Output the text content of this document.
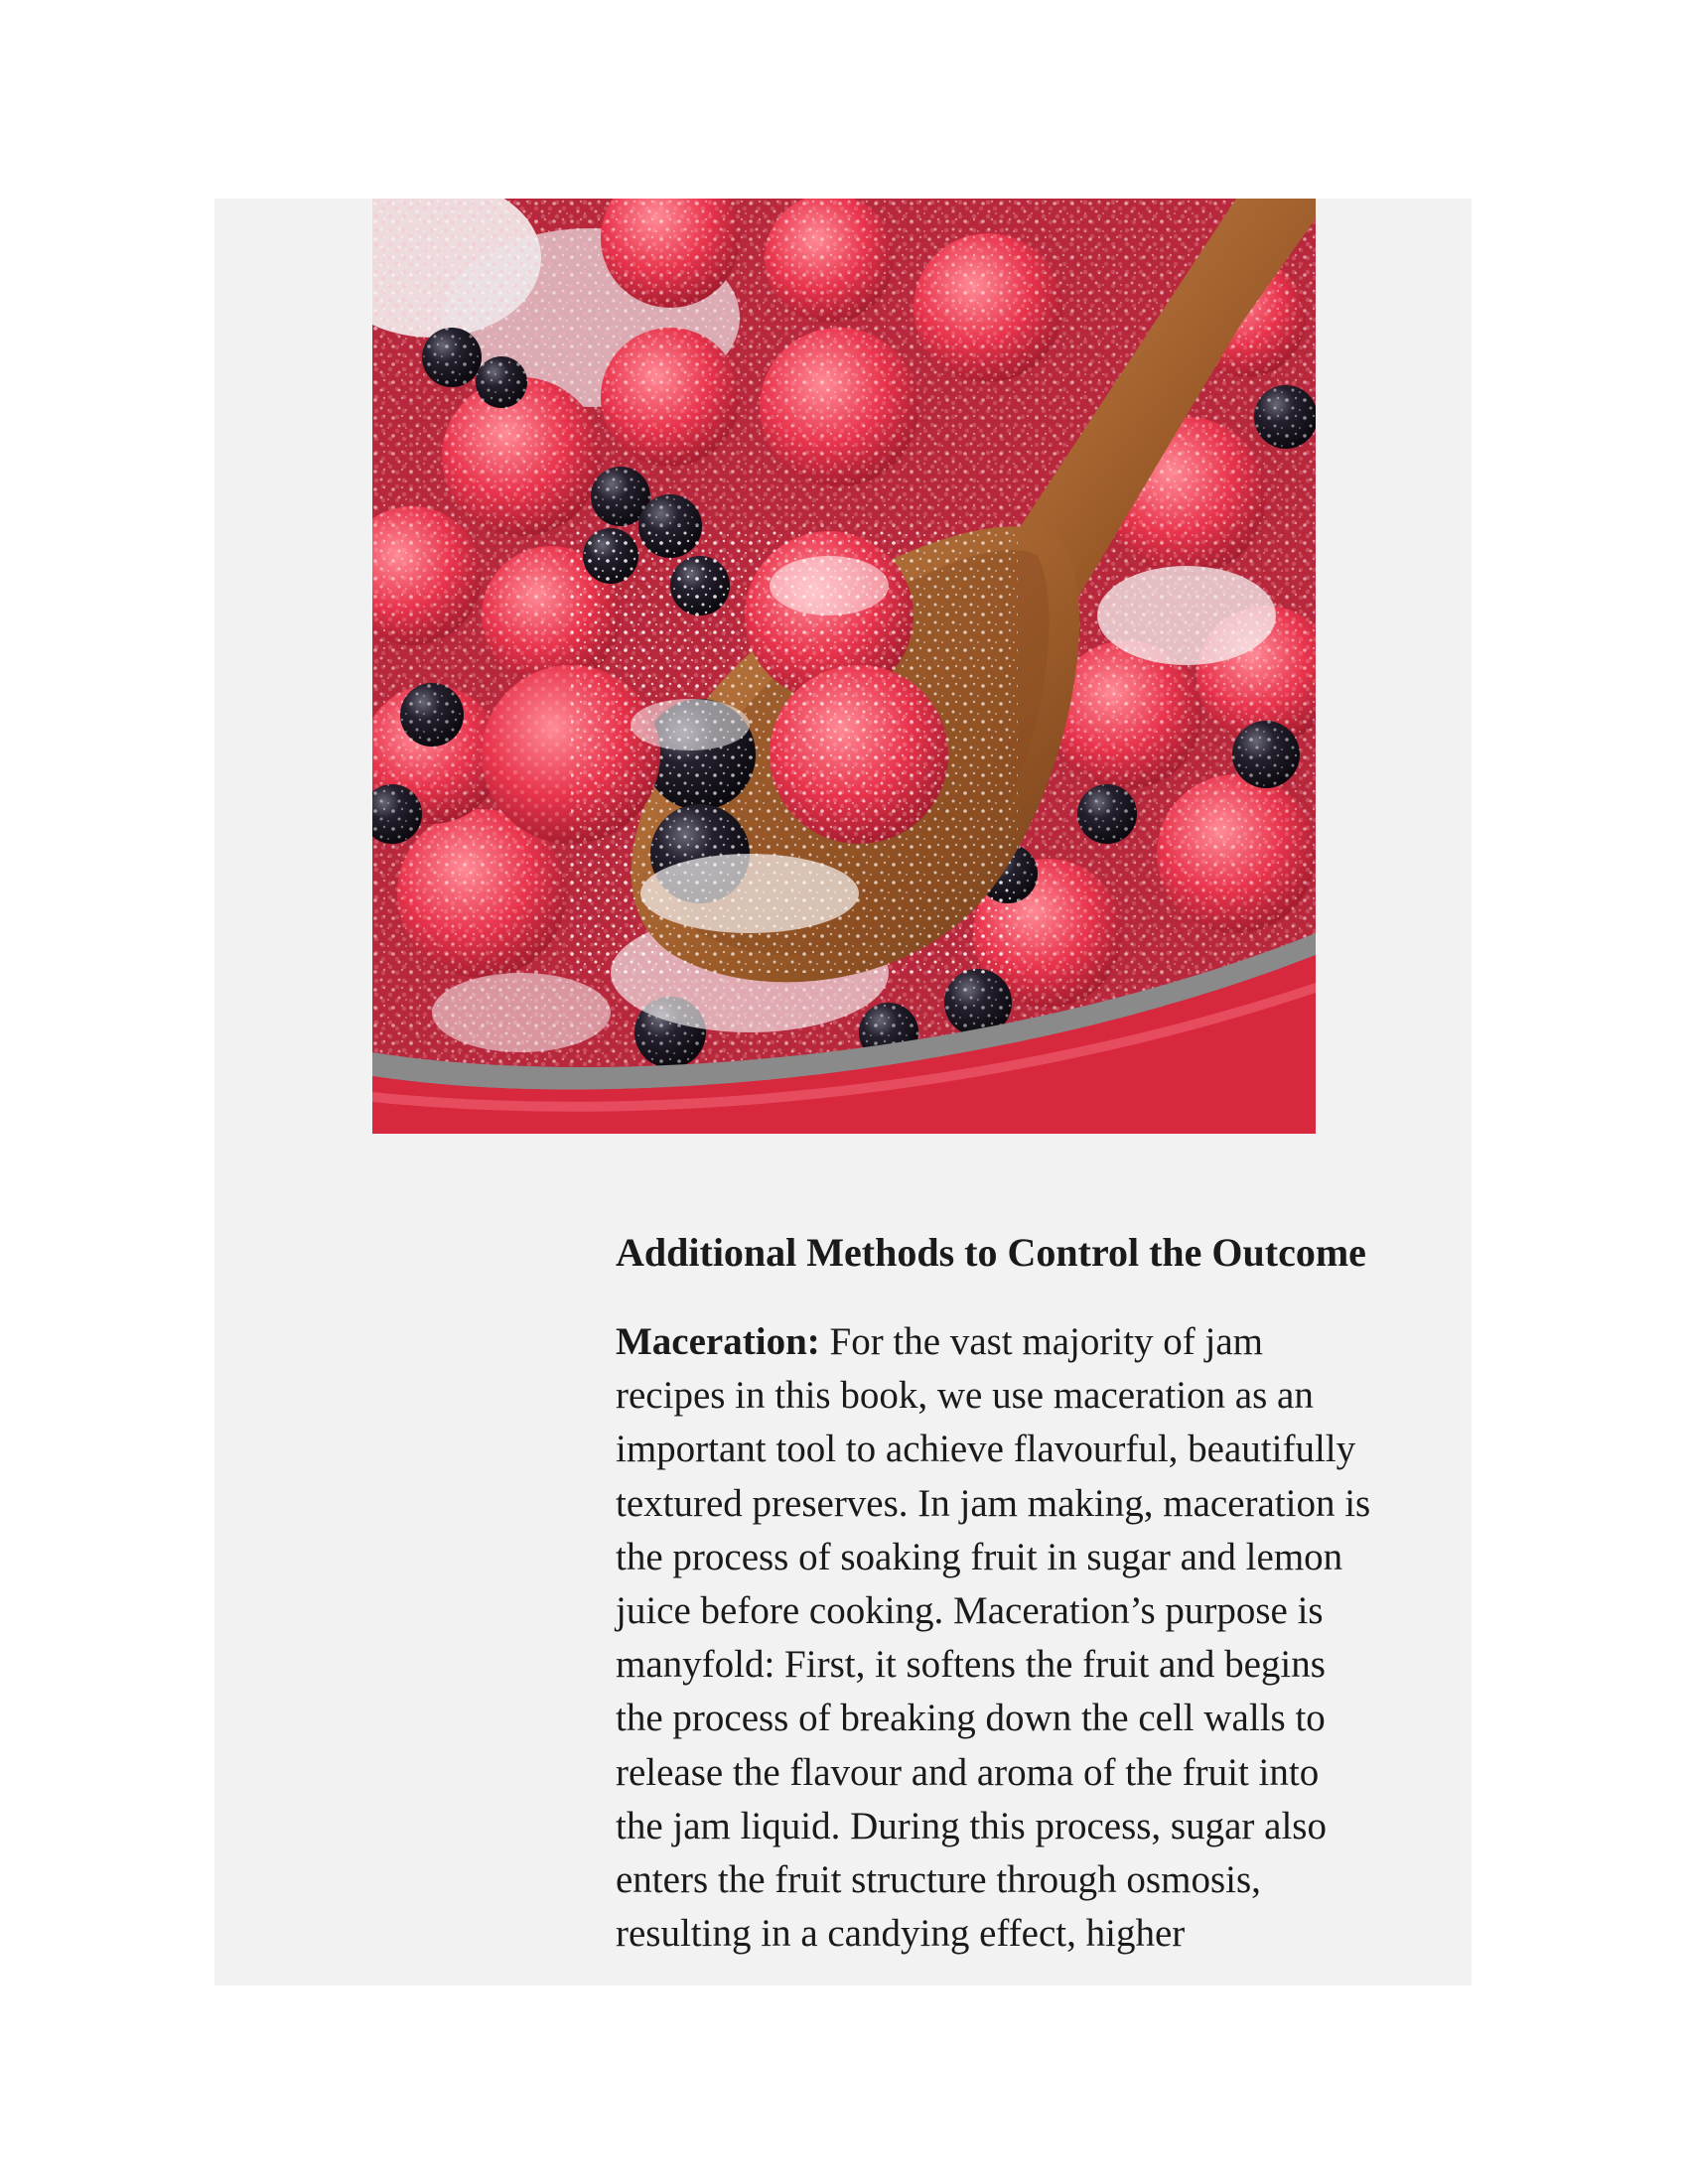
Additional Methods to Control the Outcome

Maceration: For the vast majority of jam
recipes in this book, we use maceration as an
important tool to achieve flavourful, beautifully
textured preserves. In jam making, maceration is
the process of soaking fruit in sugar and lemon
juice before cooking. Maceration’s purpose is
manyfold: First, it softens the fruit and begins
the process of breaking down the cell walls to
release the flavour and aroma of the fruit into
the jam liquid. During this process, sugar also
enters the fruit structure through osmosis,
resulting in a candying effect, higher
